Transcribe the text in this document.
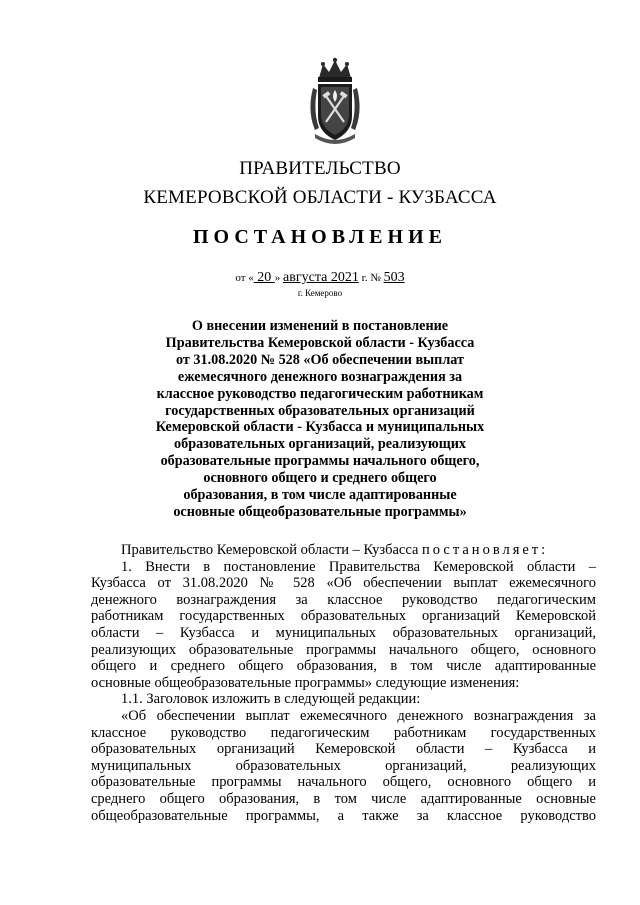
ПРАВИТЕЛЬСТВО
КЕМЕРОВСКОЙ ОБЛАСТИ - КУЗБАССА
ПОСТАНОВЛЕНИЕ
от « 20 » августа 2021 г. № 503
г. Кемерово
О внесении изменений в постановление
Правительства Кемеровской области - Кузбасса
от 31.08.2020 № 528 «Об обеспечении выплат
ежемесячного денежного вознаграждения за
классное руководство педагогическим работникам
государственных образовательных организаций
Кемеровской области - Кузбасса и муниципальных
образовательных организаций, реализующих
образовательные программы начального общего,
основного общего и среднего общего
образования, в том числе адаптированные
основные общеобразовательные программы»

Правительство Кемеровской области – Кузбасса постановляет:

1. Внести в постановление Правительства Кемеровской области –

Кузбасса от 31.08.2020 № 528 «Об обеспечении выплат ежемесячного

денежного вознаграждения за классное руководство педагогическим

работникам государственных образовательных организаций Кемеровской

области – Кузбасса и муниципальных образовательных организаций,

реализующих образовательные программы начального общего, основного

общего и среднего общего образования, в том числе адаптированные

основные общеобразовательные программы» следующие изменения:

1.1. Заголовок изложить в следующей редакции:

«Об обеспечении выплат ежемесячного денежного вознаграждения за

классное руководство педагогическим работникам государственных

образовательных организаций Кемеровской области – Кузбасса и

муниципальных образовательных организаций, реализующих

образовательные программы начального общего, основного общего и

среднего общего образования, в том числе адаптированные основные

общеобразовательные программы, а также за классное руководство
